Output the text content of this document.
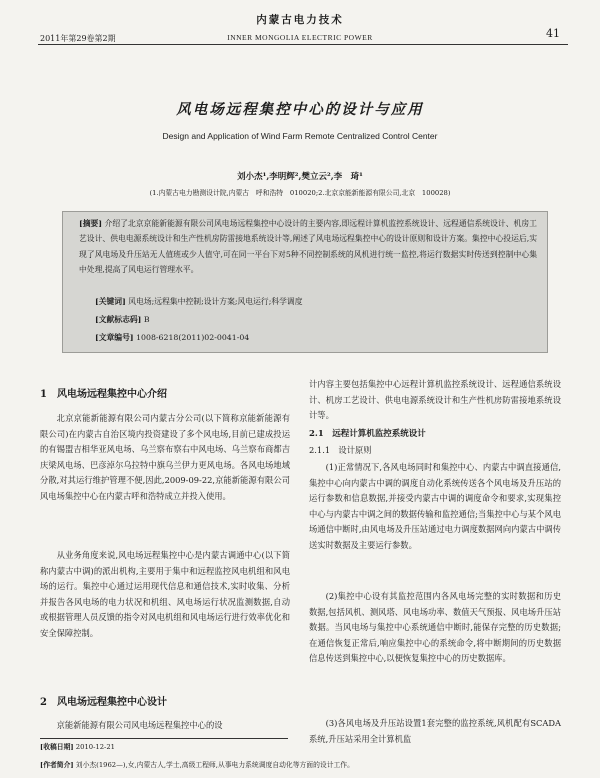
内蒙古电力技术
2011年第29卷第2期	INNER MONGOLIA ELECTRIC POWER	41
风电场远程集控中心的设计与应用
Design and Application of Wind Farm Remote Centralized Control Center
刘小杰¹,李明辉²,樊立云²,李　琦¹
(1.内蒙古电力勘测设计院,内蒙古　呼和浩特　010020;2.北京京能新能源有限公司,北京　100028)
[摘要] 介绍了北京京能新能源有限公司风电场远程集控中心设计的主要内容,即远程计算机监控系统设计、远程通信系统设计、机房工艺设计、供电电源系统设计和生产性机房防雷接地系统设计等,阐述了风电场远程集控中心的设计原则和设计方案。集控中心投运后,实现了风电场及升压站无人值班或少人值守,可在同一平台下对5种不同控制系统的风机进行统一监控,将运行数据实时传送到控制中心集中处理,提高了风电运行管理水平。
[关键词] 风电场;远程集中控制;设计方案;风电运行;科学调度
[文献标志码] B
[文章编号] 1008-6218(2011)02-0041-04
1　风电场远程集控中心介绍
北京京能新能源有限公司内蒙古分公司(以下简称京能新能源有限公司)在内蒙古自治区境内投资建设了多个风电场,目前已建成投运的有锡盟吉相华亚风电场、乌兰察布察右中风电场、乌兰察布商都吉庆梁风电场、巴彦淖尔乌拉特中旗乌兰伊力更风电场。各风电场地域分散,对其运行维护管理不便,因此,2009-09-22,京能新能源有限公司风电场集控中心在内蒙古呼和浩特成立并投入使用。
从业务角度来说,风电场远程集控中心是内蒙古调通中心(以下简称内蒙古中调)的派出机构,主要用于集中和远程监控风电机组和风电场的运行。集控中心通过运用现代信息和通信技术,实时收集、分析并报告各风电场的电力状况和机组、风电场运行状况监测数据,自动或根据管理人员反馈的指令对风电机组和风电场运行进行效率优化和安全保障控制。
2　风电场远程集控中心设计
京能新能源有限公司风电场远程集控中心的设
计内容主要包括集控中心远程计算机监控系统设计、远程通信系统设计、机房工艺设计、供电电源系统设计和生产性机房防雷接地系统设计等。
2.1　远程计算机监控系统设计
2.1.1　设计原则
(1)正常情况下,各风电场同时和集控中心、内蒙古中调直接通信,集控中心向内蒙古中调的调度自动化系统传送各个风电场及升压站的运行参数和信息数据,并接受内蒙古中调的调度命令和要求,实现集控中心与内蒙古中调之间的数据传输和监控通信;当集控中心与某个风电场通信中断时,由风电场及升压站通过电力调度数据网向内蒙古中调传送实时数据及主要运行参数。
(2)集控中心设有其监控范围内各风电场完整的实时数据和历史数据,包括风机、测风塔、风电场功率、数值天气预报、风电场升压站数据。当风电场与集控中心系统通信中断时,能保存完整的历史数据;在通信恢复正常后,响应集控中心的系统命令,将中断期间的历史数据信息传送到集控中心,以便恢复集控中心的历史数据库。
(3)各风电场及升压站设置1套完整的监控系统,风机配有SCADA系统,升压站采用全计算机监
[收稿日期] 2010-12-21
[作者简介] 刘小杰(1962—),女,内蒙古人,学士,高级工程师,从事电力系统调度自动化等方面的设计工作。
